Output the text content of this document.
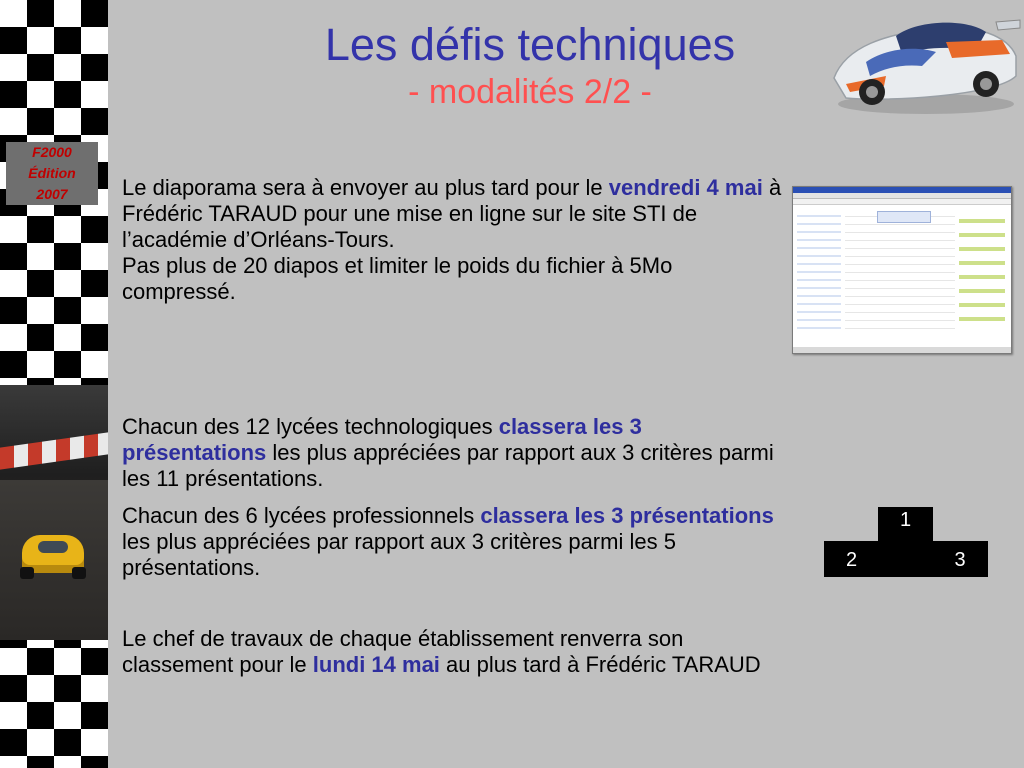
F2000
Édition
2007
Les défis techniques
- modalités 2/2 -
Le diaporama sera à envoyer au plus tard pour le vendredi 4 mai à Frédéric TARAUD pour une mise en ligne sur le site STI de l’académie d’Orléans-Tours.
Pas plus de 20 diapos et limiter le poids du fichier à 5Mo compressé.
Chacun des 12 lycées technologiques classera les 3 présentations les plus appréciées par rapport aux 3 critères parmi les 11 présentations.
Chacun des 6 lycées professionnels classera les 3 présentations les plus appréciées par rapport aux 3 critères parmi les 5 présentations.
Le chef de travaux de chaque établissement renverra son classement pour le lundi 14 mai au plus tard à Frédéric TARAUD
1
2	3
